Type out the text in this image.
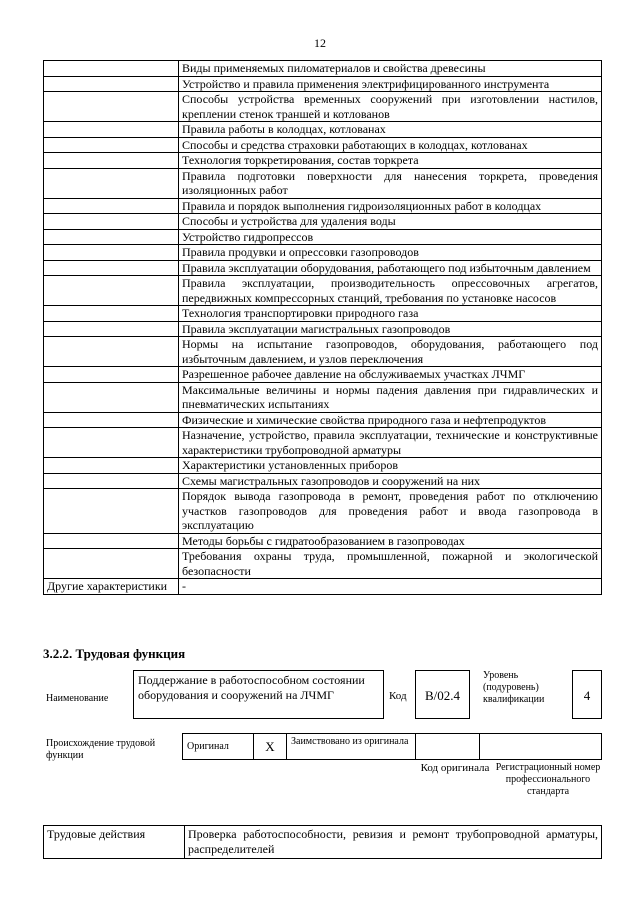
12
	Виды применяемых пиломатериалов и свойства древесины
	Устройство и правила применения электрифицированного инструмента
	Способы устройства временных сооружений при изготовлении настилов, креплении стенок траншей и котлованов
	Правила работы в колодцах, котлованах
	Способы и средства страховки работающих в колодцах, котлованах
	Технология торкретирования, состав торкрета
	Правила подготовки поверхности для нанесения торкрета, проведения изоляционных работ
	Правила и порядок выполнения гидроизоляционных работ в колодцах
	Способы и устройства для удаления воды
	Устройство гидропрессов
	Правила продувки и опрессовки газопроводов
	Правила эксплуатации оборудования, работающего под избыточным давлением
	Правила эксплуатации, производительность опрессовочных агрегатов, передвижных компрессорных станций, требования по установке насосов
	Технология транспортировки природного газа
	Правила эксплуатации магистральных газопроводов
	Нормы на испытание газопроводов, оборудования, работающего под избыточным давлением, и узлов переключения
	Разрешенное рабочее давление на обслуживаемых участках ЛЧМГ
	Максимальные величины и нормы падения давления при гидравлических и пневматических испытаниях
	Физические и химические свойства природного газа и нефтепродуктов
	Назначение, устройство, правила эксплуатации, технические и конструктивные характеристики трубопроводной арматуры
	Характеристики установленных приборов
	Схемы магистральных газопроводов и сооружений на них
	Порядок вывода газопровода в ремонт, проведения работ по отключению участков газопроводов для проведения работ и ввода газопровода в эксплуатацию
	Методы борьбы с гидратообразованием в газопроводах
	Требования охраны труда, промышленной, пожарной и экологической безопасности
Другие характеристики	-
3.2.2. Трудовая функция
Наименование
Поддержание в работоспособном состоянии оборудования и сооружений на ЛЧМГ	Код	B/02.4
Уровень (подуровень) квалификации	4
Происхождение трудовой функции
Оригинал	X	Заимствовано из оригинала		
Код оригинала Регистрационный номер профессионального стандарта
Трудовые действия	Проверка работоспособности, ревизия и ремонт трубопроводной арматуры, распределителей
